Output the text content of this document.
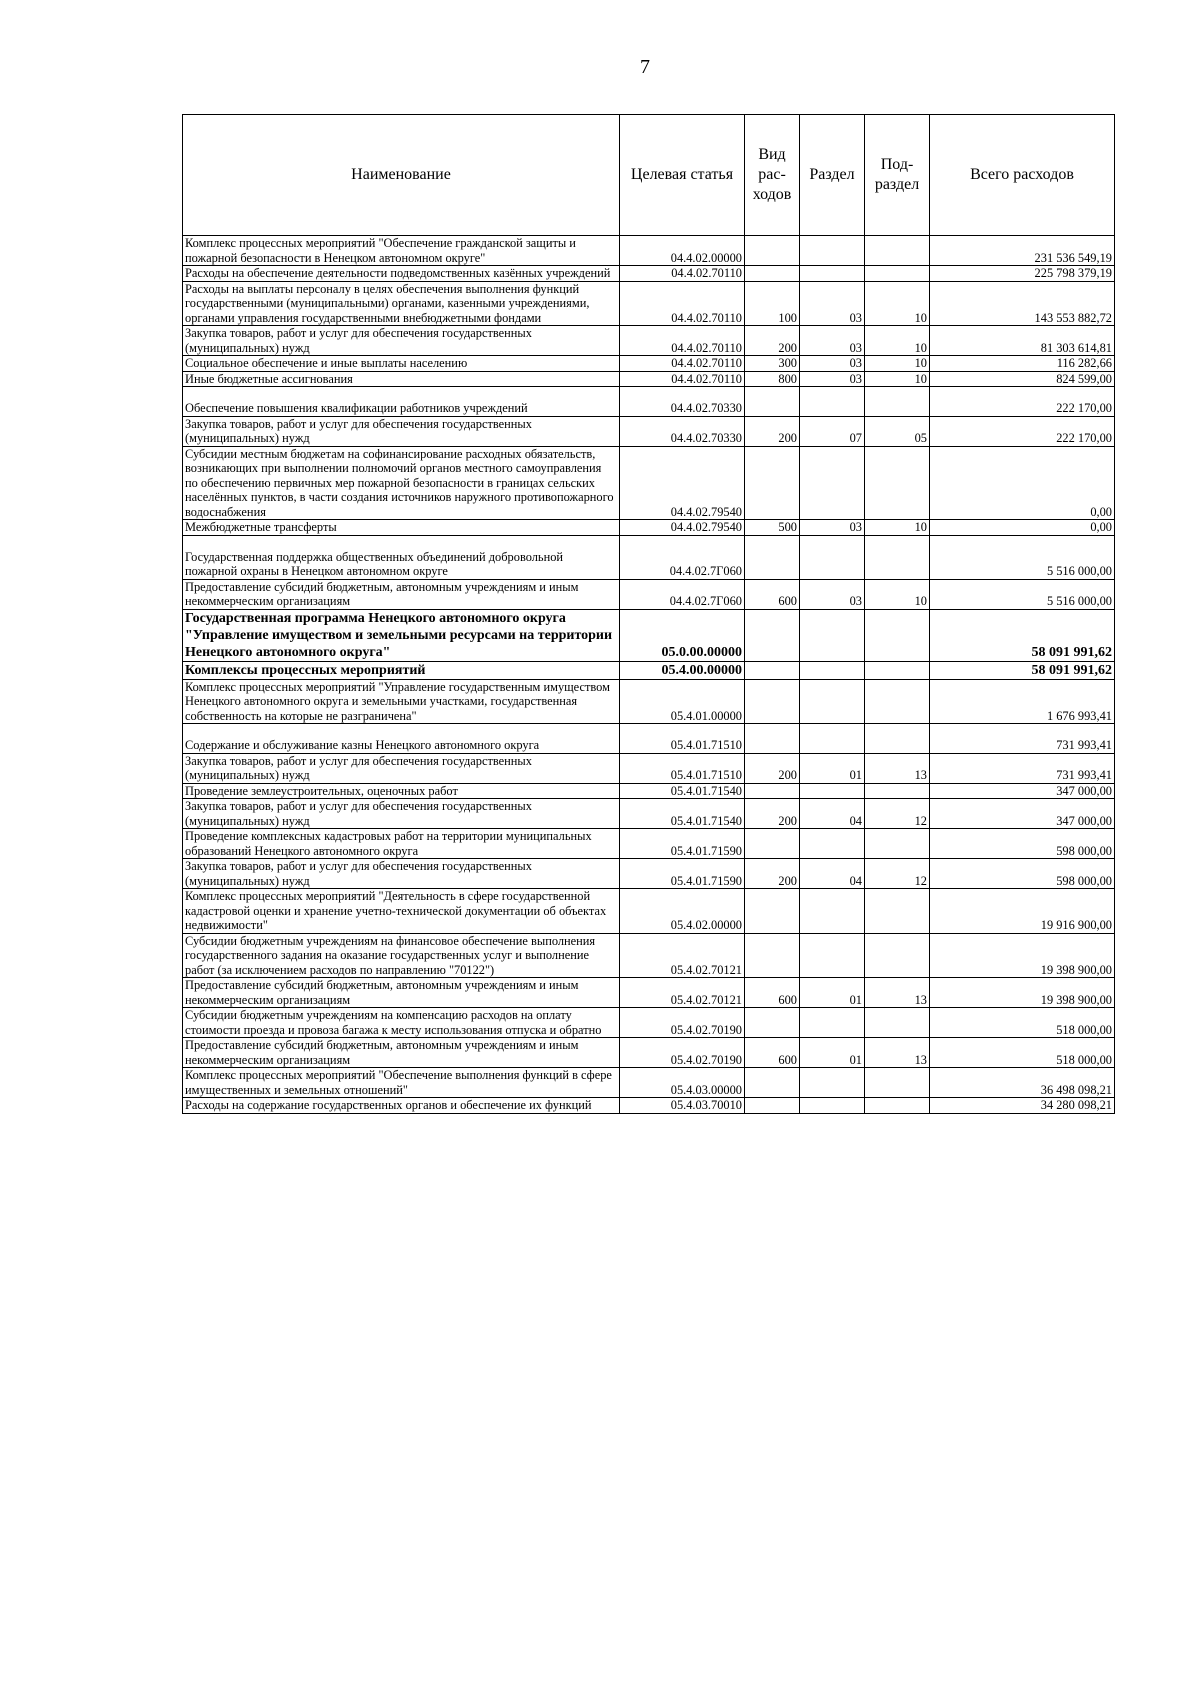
7
Наименование	Целевая статья	Вид рас- ходов	Раздел	Под- раздел	Всего расходов
Комплекс процессных мероприятий "Обеспечение гражданской защиты и пожарной безопасности в Ненецком автономном округе"	04.4.02.00000				231 536 549,19
Расходы на обеспечение деятельности подведомственных казённых учреждений	04.4.02.70110				225 798 379,19
Расходы на выплаты персоналу в целях обеспечения выполнения функций государственными (муниципальными) органами, казенными учреждениями, органами управления государственными внебюджетными фондами	04.4.02.70110	100	03	10	143 553 882,72
Закупка товаров, работ и услуг для обеспечения государственных (муниципальных) нужд	04.4.02.70110	200	03	10	81 303 614,81
Социальное обеспечение и иные выплаты населению	04.4.02.70110	300	03	10	116 282,66
Иные бюджетные ассигнования	04.4.02.70110	800	03	10	824 599,00
Обеспечение повышения квалификации работников учреждений	04.4.02.70330				222 170,00
Закупка товаров, работ и услуг для обеспечения государственных (муниципальных) нужд	04.4.02.70330	200	07	05	222 170,00
Субсидии местным бюджетам на софинансирование расходных обязательств, возникающих при выполнении полномочий органов местного самоуправления по обеспечению первичных мер пожарной безопасности в границах сельских населённых пунктов, в части создания источников наружного противопожарного водоснабжения	04.4.02.79540				0,00
Межбюджетные трансферты	04.4.02.79540	500	03	10	0,00
Государственная поддержка общественных объединений добровольной пожарной охраны в Ненецком автономном округе	04.4.02.7Г060				5 516 000,00
Предоставление субсидий бюджетным, автономным учреждениям и иным некоммерческим организациям	04.4.02.7Г060	600	03	10	5 516 000,00
Государственная программа Ненецкого автономного округа "Управление имуществом и земельными ресурсами на территории Ненецкого автономного округа"	05.0.00.00000				58 091 991,62
Комплексы процессных мероприятий	05.4.00.00000				58 091 991,62
Комплекс процессных мероприятий "Управление государственным имуществом Ненецкого автономного округа и земельными участками, государственная собственность на которые не разграничена"	05.4.01.00000				1 676 993,41
Содержание и обслуживание казны Ненецкого автономного округа	05.4.01.71510				731 993,41
Закупка товаров, работ и услуг для обеспечения государственных (муниципальных) нужд	05.4.01.71510	200	01	13	731 993,41
Проведение землеустроительных, оценочных работ	05.4.01.71540				347 000,00
Закупка товаров, работ и услуг для обеспечения государственных (муниципальных) нужд	05.4.01.71540	200	04	12	347 000,00
Проведение комплексных кадастровых работ на территории муниципальных образований Ненецкого автономного округа	05.4.01.71590				598 000,00
Закупка товаров, работ и услуг для обеспечения государственных (муниципальных) нужд	05.4.01.71590	200	04	12	598 000,00
Комплекс процессных мероприятий "Деятельность в сфере государственной кадастровой оценки и хранение учетно-технической документации об объектах недвижимости"	05.4.02.00000				19 916 900,00
Субсидии бюджетным учреждениям на финансовое обеспечение выполнения государственного задания на оказание государственных услуг и выполнение работ (за исключением расходов по направлению "70122")	05.4.02.70121				19 398 900,00
Предоставление субсидий бюджетным, автономным учреждениям и иным некоммерческим организациям	05.4.02.70121	600	01	13	19 398 900,00
Субсидии бюджетным учреждениям на компенсацию расходов на оплату стоимости проезда и провоза багажа к месту использования отпуска и обратно	05.4.02.70190				518 000,00
Предоставление субсидий бюджетным, автономным учреждениям и иным некоммерческим организациям	05.4.02.70190	600	01	13	518 000,00
Комплекс процессных мероприятий "Обеспечение выполнения функций в сфере имущественных и земельных отношений"	05.4.03.00000				36 498 098,21
Расходы на содержание государственных органов и обеспечение их функций	05.4.03.70010				34 280 098,21
